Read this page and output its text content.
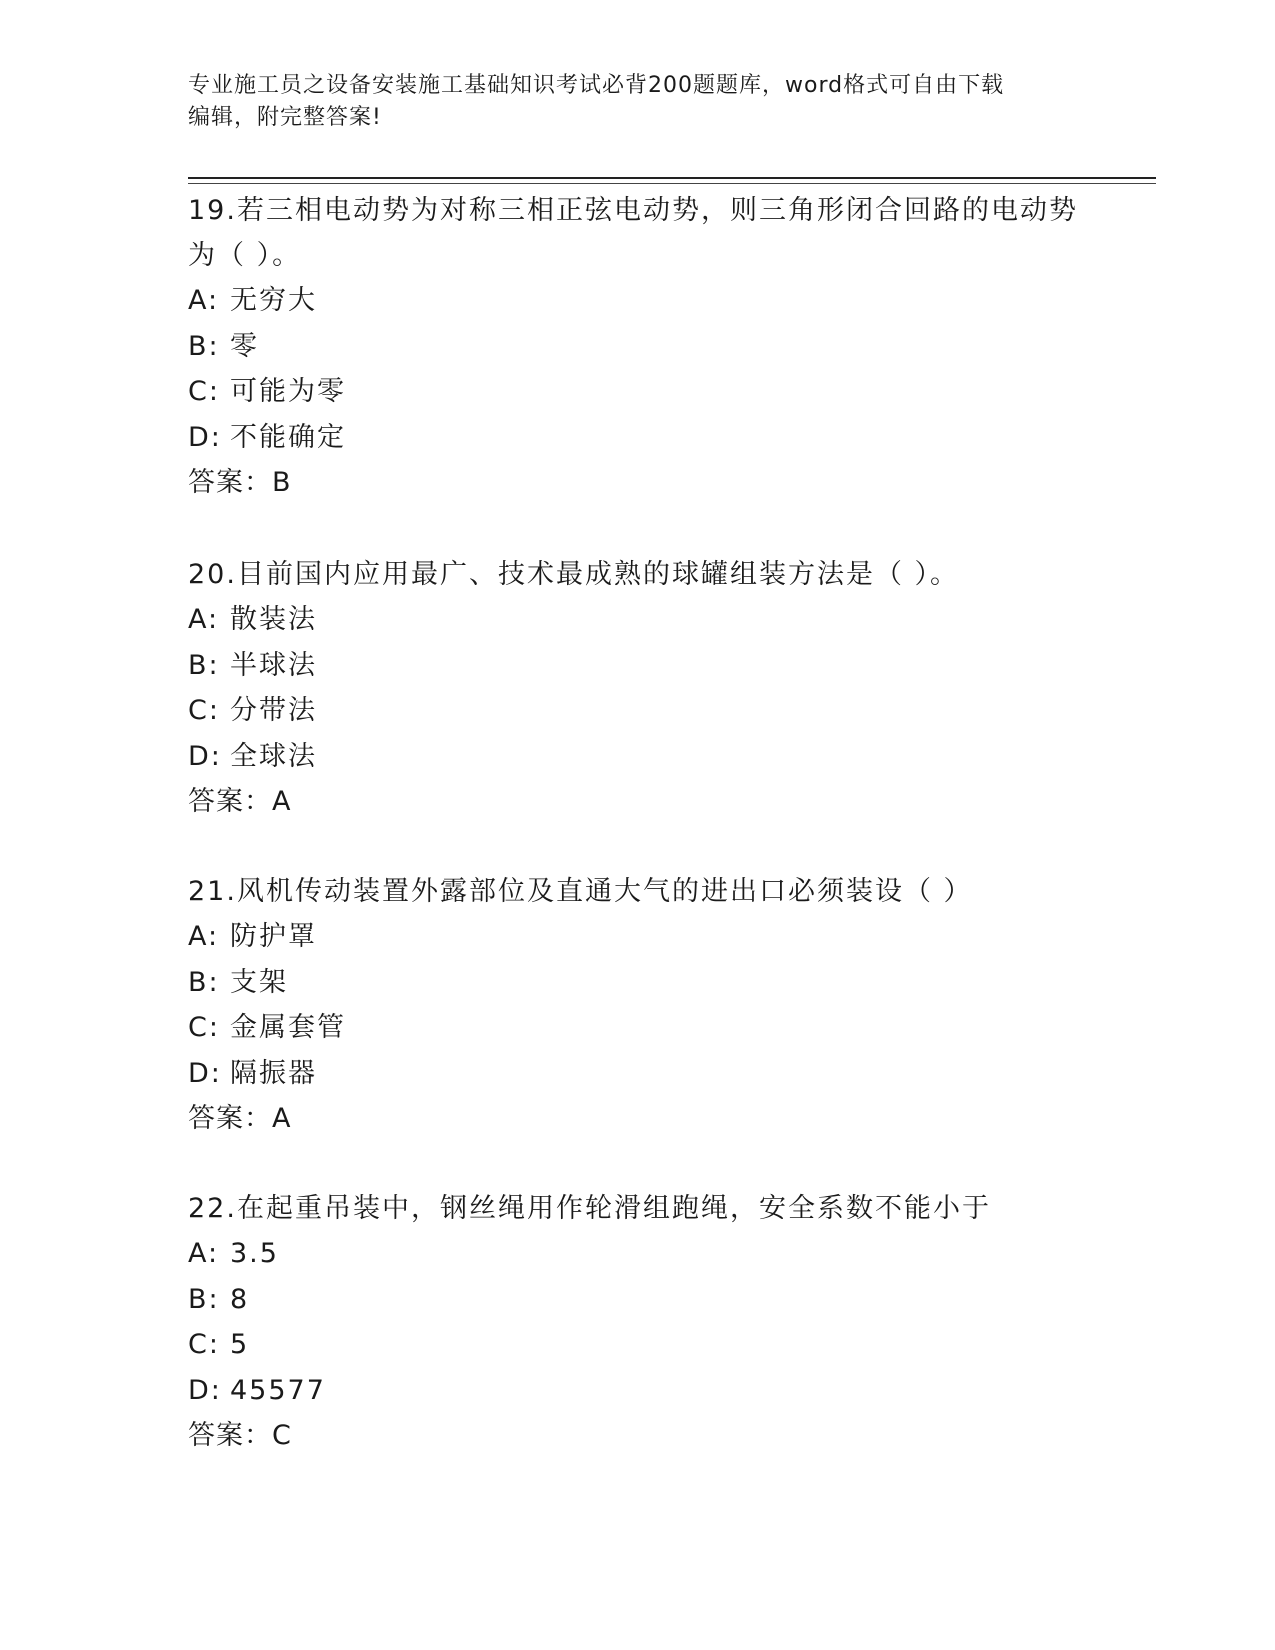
专业施工员之设备安装施工基础知识考试必背200题题库，word格式可自由下载
编辑，附完整答案!
19.若三相电动势为对称三相正弦电动势，则三角形闭合回路的电动势
为（ ）。
A: 无穷大
B: 零
C: 可能为零
D: 不能确定
答案：B
20.目前国内应用最广、技术最成熟的球罐组装方法是（ ）。
A: 散装法
B: 半球法
C: 分带法
D: 全球法
答案：A
21.风机传动装置外露部位及直通大气的进出口必须装设（ ）
A: 防护罩
B: 支架
C: 金属套管
D: 隔振器
答案：A
22.在起重吊装中，钢丝绳用作轮滑组跑绳，安全系数不能小于
A: 3.5
B: 8
C: 5
D: 45577
答案：C
